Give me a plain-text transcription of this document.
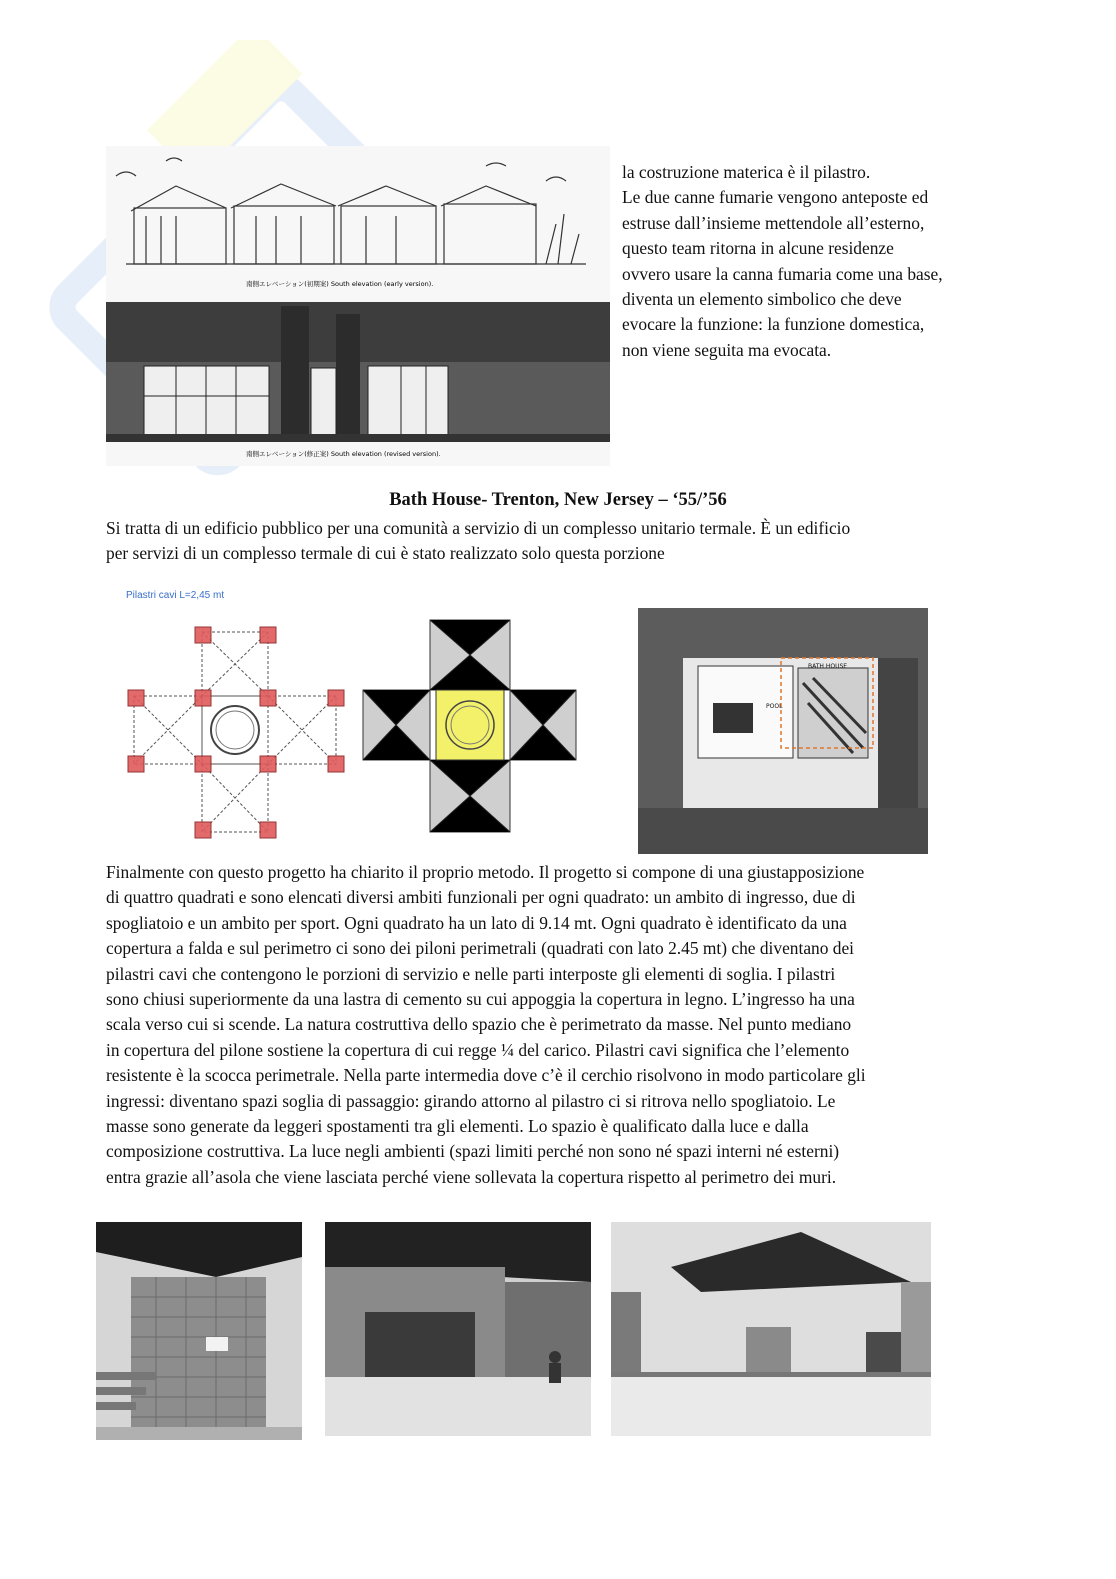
南側エレベーション(初期案) South elevation (early version).
南側エレベーション(修正案) South elevation (revised version).

la costruzione materica è il pilastro.

Le due canne fumarie vengono anteposte ed

estruse dall’insieme mettendole all’esterno,

questo team ritorna in alcune residenze

ovvero usare la canna fumaria come una base,

diventa un elemento simbolico che deve

evocare la funzione: la funzione domestica,

non viene seguita ma evocata.

Bath House- Trenton, New Jersey – ‘55/’56

Si tratta di un edificio pubblico per una comunità a servizio di un complesso unitario termale. È un edificio

per servizi di un complesso termale di cui è stato realizzato solo questa porzione

Pilastri cavi L=2,45 mt
BATH HOUSE
POOL

Finalmente con questo progetto ha chiarito il proprio metodo. Il progetto si compone di una giustapposizione

di quattro quadrati e sono elencati diversi ambiti funzionali per ogni quadrato: un ambito di ingresso, due di

spogliatoio e un ambito per sport. Ogni quadrato ha un lato di 9.14 mt. Ogni quadrato è identificato da una

copertura a falda e sul perimetro ci sono dei piloni perimetrali (quadrati con lato 2.45 mt) che diventano dei

pilastri cavi che contengono le porzioni di servizio e nelle parti interposte gli elementi di soglia. I pilastri

sono chiusi superiormente da una lastra di cemento su cui appoggia la copertura in legno. L’ingresso ha una

scala verso cui si scende. La natura costruttiva dello spazio che è perimetrato da masse. Nel punto mediano

in copertura del pilone sostiene la copertura di cui regge ¼ del carico. Pilastri cavi significa che l’elemento

resistente è la scocca perimetrale. Nella parte intermedia dove c’è il cerchio risolvono in modo particolare gli

ingressi: diventano spazi soglia di passaggio: girando attorno al pilastro ci si ritrova nello spogliatoio. Le

masse sono generate da leggeri spostamenti tra gli elementi. Lo spazio è qualificato dalla luce e dalla

composizione costruttiva. La luce negli ambienti (spazi limiti perché non sono né spazi interni né esterni)

entra grazie all’asola che viene lasciata perché viene sollevata la copertura rispetto al perimetro dei muri.
